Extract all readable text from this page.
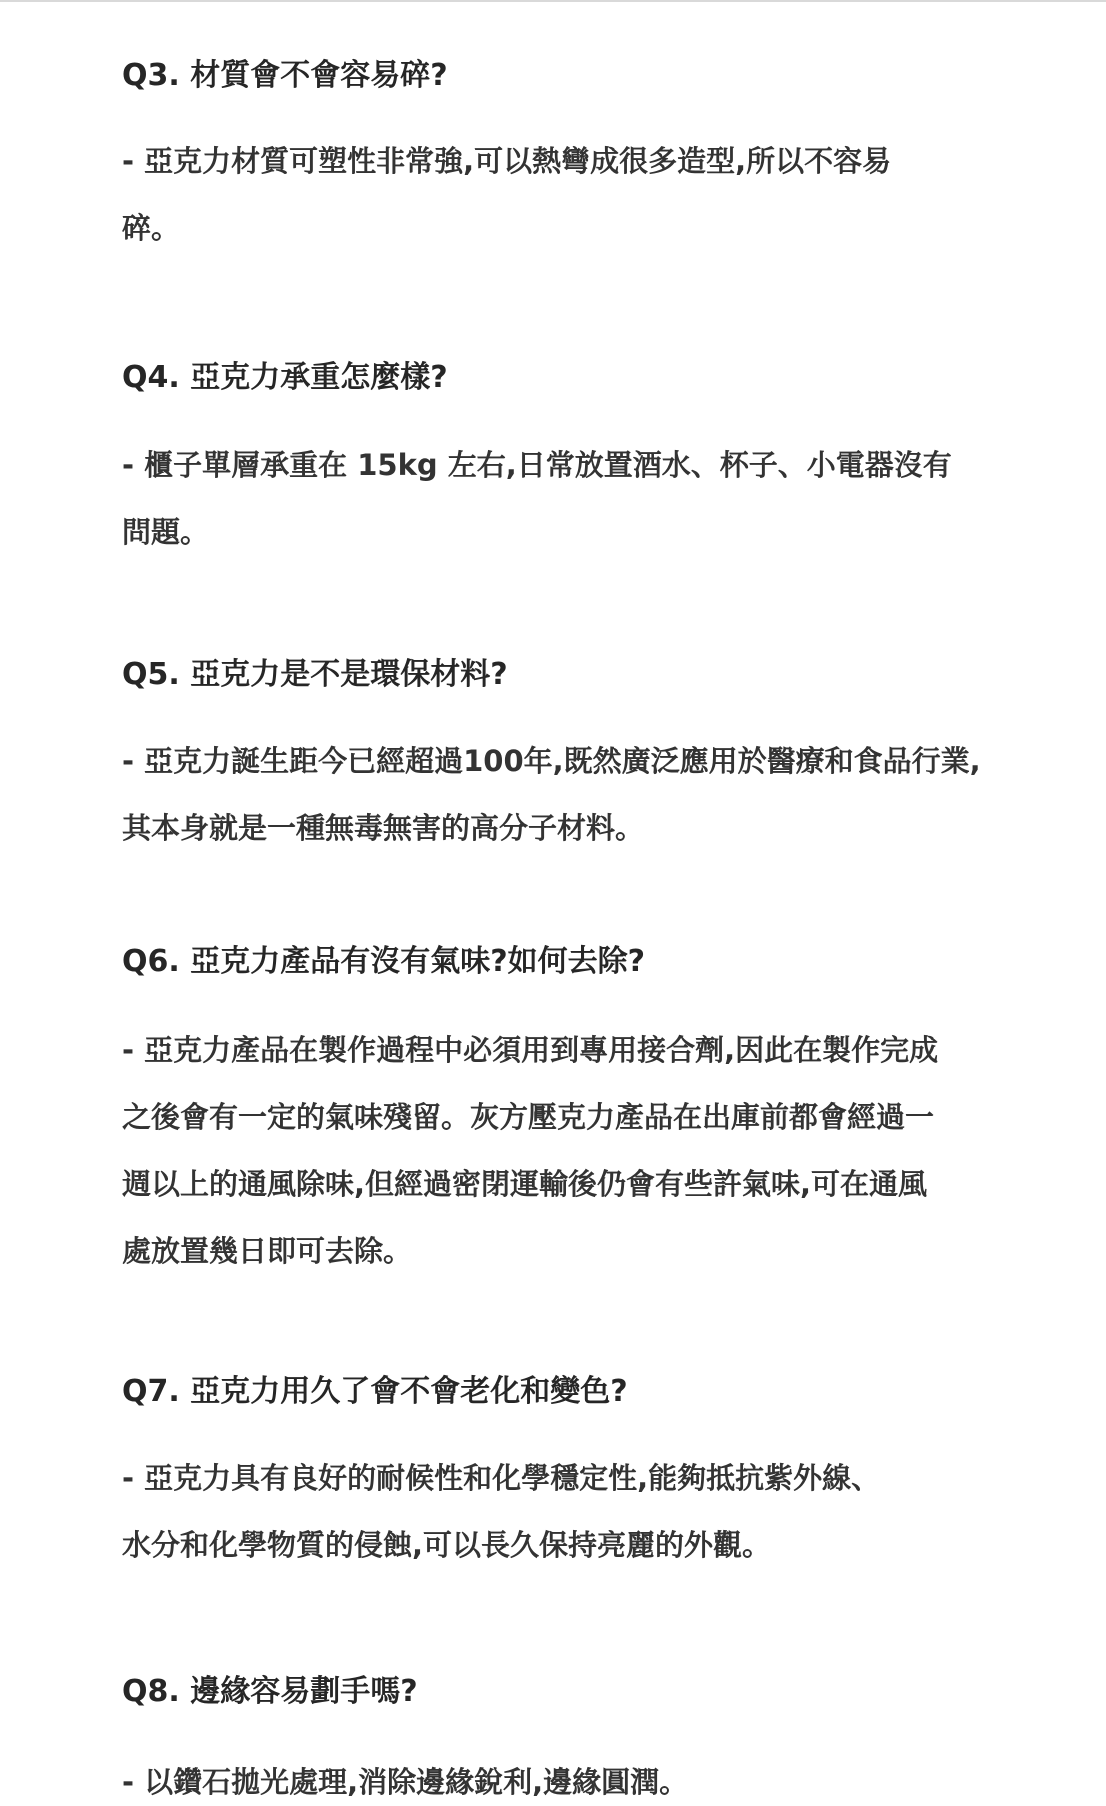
Q3. 材質會不會容易碎?

- 亞克力材質可塑性非常強,可以熱彎成很多造型,所以不容易
碎。

Q4. 亞克力承重怎麼樣?

- 櫃子單層承重在 15kg 左右,日常放置酒水、杯子、小電器沒有
問題。

Q5. 亞克力是不是環保材料?

- 亞克力誕生距今已經超過100年,既然廣泛應用於醫療和食品行業,
其本身就是一種無毒無害的高分子材料。

Q6. 亞克力產品有沒有氣味?如何去除?

- 亞克力產品在製作過程中必須用到專用接合劑,因此在製作完成
之後會有一定的氣味殘留。灰方壓克力產品在出庫前都會經過一
週以上的通風除味,但經過密閉運輸後仍會有些許氣味,可在通風
處放置幾日即可去除。

Q7. 亞克力用久了會不會老化和變色?

- 亞克力具有良好的耐候性和化學穩定性,能夠抵抗紫外線、
水分和化學物質的侵蝕,可以長久保持亮麗的外觀。

Q8. 邊緣容易劃手嗎?

- 以鑽石拋光處理,消除邊緣銳利,邊緣圓潤。
